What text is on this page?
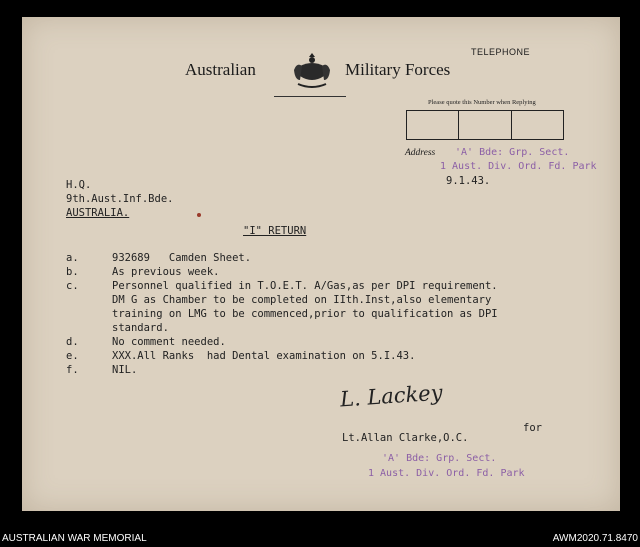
Australian	Military Forces
TELEPHONE
Please quote this Number when Replying
Address 'A' Bde: Grp. Sect.
1 Aust. Div. Ord. Fd. Park
9.1.43.
H.Q.
9th.Aust.Inf.Bde.
AUSTRALIA.
"I" RETURN
a.	932689   Camden Sheet.
b.	As previous week.
c.	Personnel qualified in T.O.E.T. A/Gas,as per DPI requirement.
DM G as Chamber to be completed on IIth.Inst,also elementary
training on LMG to be commenced,prior to qualification as DPI
standard.
d.	No comment needed.
e.	XXX.All Ranks  had Dental examination on 5.I.43.
f.	NIL.
L. Lackey
for
Lt.Allan Clarke,O.C.
'A' Bde: Grp. Sect.
1 Aust. Div. Ord. Fd. Park
AUSTRALIAN WAR MEMORIAL	AWM2020.71.8470
